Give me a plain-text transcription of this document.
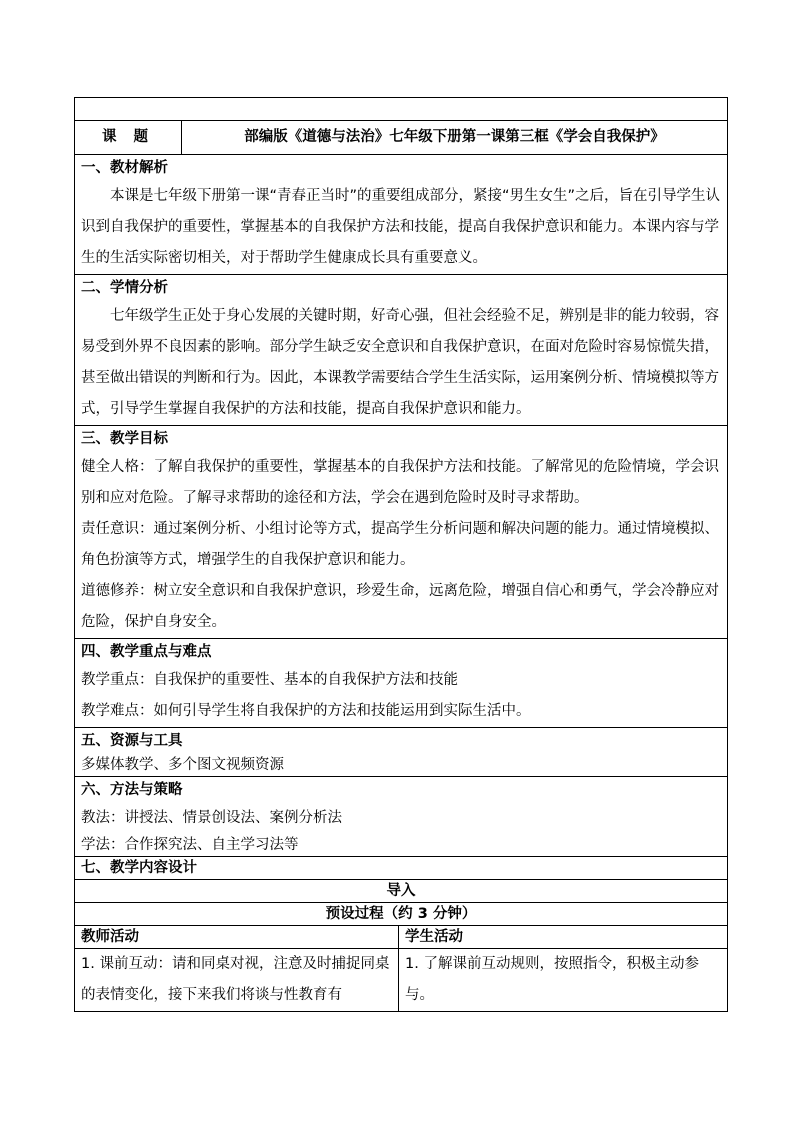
课 题	部编版《道德与法治》七年级下册第一课第三框《学会自我保护》	

一、教材解析

本课是七年级下册第一课“青春正当时”的重要组成部分，紧接“男生女生”之后，旨在引导学生认识到自我保护的重要性，掌握基本的自我保护方法和技能，提高自我保护意识和能力。本课内容与学生的生活实际密切相关，对于帮助学生健康成长具有重要意义。		

二、学情分析

七年级学生正处于身心发展的关键时期，好奇心强，但社会经验不足，辨别是非的能力较弱，容易受到外界不良因素的影响。部分学生缺乏安全意识和自我保护意识，在面对危险时容易惊慌失措，甚至做出错误的判断和行为。因此，本课教学需要结合学生生活实际，运用案例分析、情境模拟等方式，引导学生掌握自我保护的方法和技能，提高自我保护意识和能力。		

三、教学目标

健全人格：了解自我保护的重要性，掌握基本的自我保护方法和技能。了解常见的危险情境，学会识别和应对危险。了解寻求帮助的途径和方法，学会在遇到危险时及时寻求帮助。

责任意识：通过案例分析、小组讨论等方式，提高学生分析问题和解决问题的能力。通过情境模拟、角色扮演等方式，增强学生的自我保护意识和能力。

道德修养：树立安全意识和自我保护意识，珍爱生命，远离危险，增强自信心和勇气，学会冷静应对危险，保护自身安全。		

四、教学重点与难点

教学重点：自我保护的重要性、基本的自我保护方法和技能

教学难点：如何引导学生将自我保护的方法和技能运用到实际生活中。		

五、资源与工具

多媒体教学、多个图文视频资源		

六、方法与策略

教法：讲授法、情景创设法、案例分析法

学法：合作探究法、自主学习法等		

七、教学内容设计		
导入		
预设过程（约 3 分钟）		
教师活动		学生活动
1. 课前互动：请和同桌对视，注意及时捕捉同桌的表情变化，接下来我们将谈与性教育有		1. 了解课前互动规则，按照指令，积极主动参与。
